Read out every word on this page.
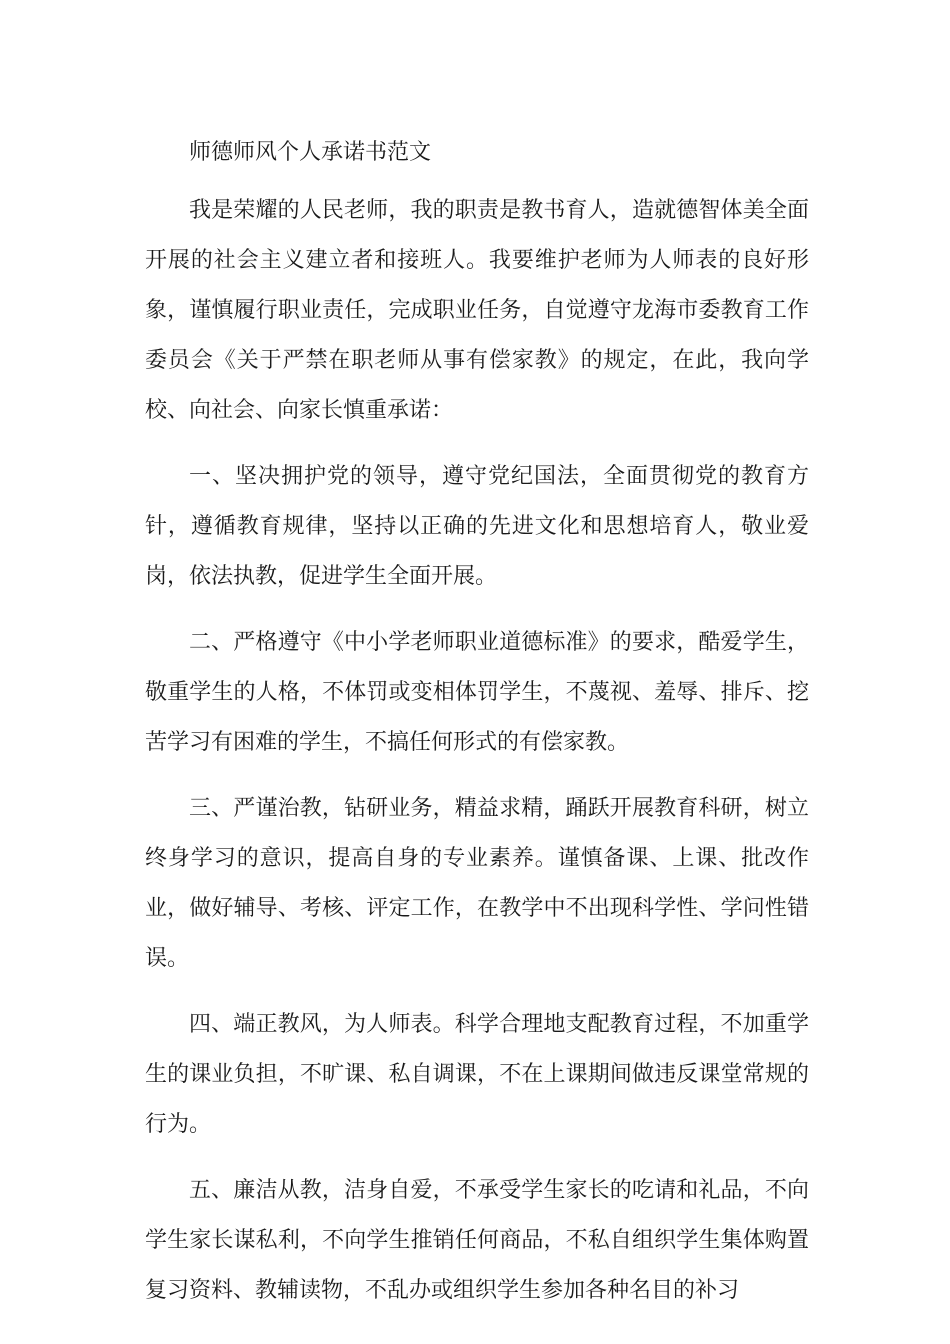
师德师风个人承诺书范文

我是荣耀的人民老师，我的职责是教书育人，造就德智体美全面开展的社会主义建立者和接班人。我要维护老师为人师表的良好形象，谨慎履行职业责任，完成职业任务，自觉遵守龙海市委教育工作委员会《关于严禁在职老师从事有偿家教》的规定，在此，我向学校、向社会、向家长慎重承诺：

一、坚决拥护党的领导，遵守党纪国法，全面贯彻党的教育方针，遵循教育规律，坚持以正确的先进文化和思想培育人，敬业爱岗，依法执教，促进学生全面开展。

二、严格遵守《中小学老师职业道德标准》的要求，酷爱学生，敬重学生的人格，不体罚或变相体罚学生，不蔑视、羞辱、排斥、挖苦学习有困难的学生，不搞任何形式的有偿家教。

三、严谨治教，钻研业务，精益求精，踊跃开展教育科研，树立终身学习的意识，提高自身的专业素养。谨慎备课、上课、批改作业，做好辅导、考核、评定工作，在教学中不出现科学性、学问性错误。

四、端正教风，为人师表。科学合理地支配教育过程，不加重学生的课业负担，不旷课、私自调课，不在上课期间做违反课堂常规的行为。

五、廉洁从教，洁身自爱，不承受学生家长的吃请和礼品，不向学生家长谋私利，不向学生推销任何商品，不私自组织学生集体购置复习资料、教辅读物，不乱办或组织学生参加各种名目的补习
